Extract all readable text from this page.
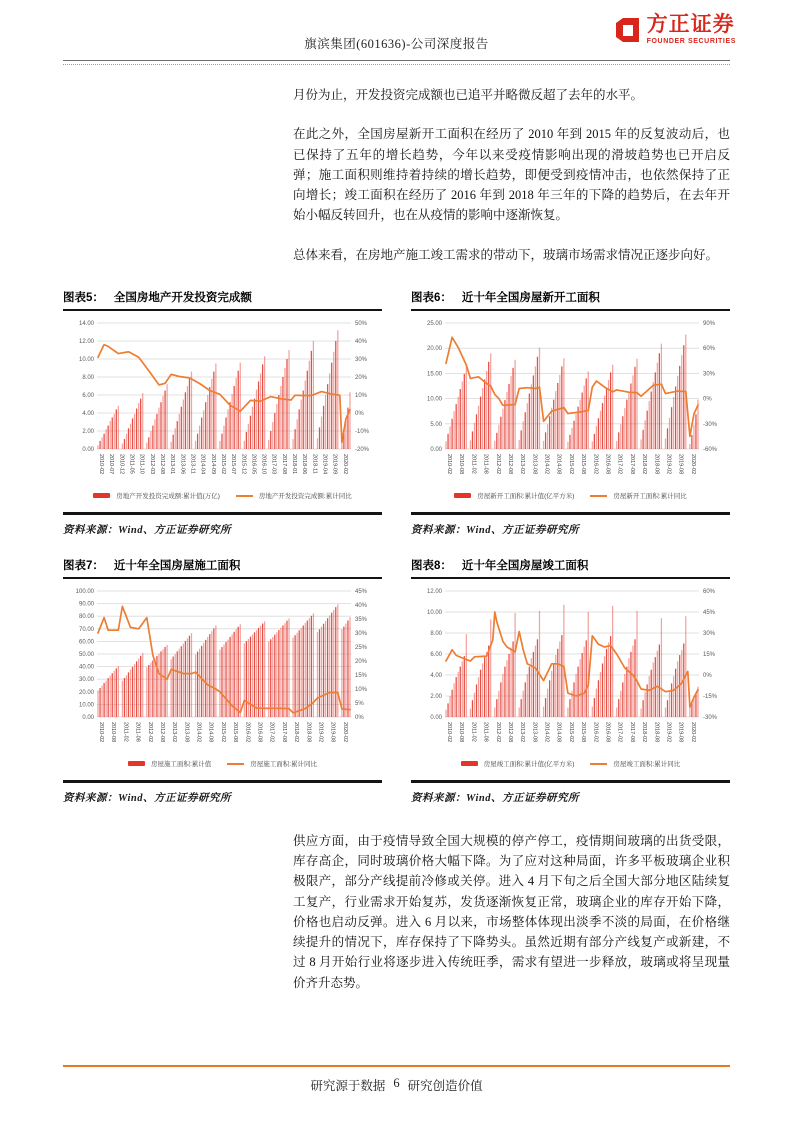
旗滨集团(601636)-公司深度报告
方正证券
FOUNDER SECURITIES

月份为止，开发投资完成额也已追平并略微反超了去年的水平。

在此之外，全国房屋新开工面积在经历了 2010 年到 2015 年的反复波动后，也已保持了五年的增长趋势，今年以来受疫情影响出现的滑坡趋势也已开启反弹；施工面积则维持着持续的增长趋势，即便受到疫情冲击，也依然保持了正向增长；竣工面积在经历了 2016 年到 2018 年三年的下降的趋势后，在去年开始小幅反转回升，也在从疫情的影响中逐渐恢复。

总体来看，在房地产施工竣工需求的带动下，玻璃市场需求情况正逐步向好。

图表5： 全国房地产开发投资完成额
0.00
2.00
4.00
6.00
8.00
10.00
12.00
14.00
-20%
-10%
0%
10%
20%
30%
40%
50%
2010-02 2010-07 2010-12 2011-05 2011-10 2012-03 2012-08 2013-01 2013-06 2013-11 2014-04 2014-09 2015-02 2015-07 2015-12 2016-05 2016-10 2017-03 2017-08 2018-01 2018-06 2018-11 2019-04 2019-09 2020-02
房地产开发投资完成额:累计值(万亿)	房地产开发投资完成额:累计同比
资料来源：Wind、方正证券研究所
图表6： 近十年全国房屋新开工面积
0.00
5.00
10.00
15.00
20.00
25.00
-60%
-30%
0%
30%
60%
90%
2010-02 2010-08 2011-02 2011-08 2012-02 2012-08 2013-02 2013-08 2014-02 2014-08 2015-02 2015-08 2016-02 2016-08 2017-02 2017-08 2018-02 2018-08 2019-02 2019-08 2020-02
房屋新开工面积:累计值(亿平方米)	房屋新开工面积:累计同比
资料来源：Wind、方正证券研究所
图表7： 近十年全国房屋施工面积
0.00
10.00
20.00
30.00
40.00
50.00
60.00
70.00
80.00
90.00
100.00
0%
5%
10%
15%
20%
25%
30%
35%
40%
45%
2010-02 2010-08 2011-02 2011-08 2012-02 2012-08 2013-02 2013-08 2014-02 2014-08 2015-02 2015-08 2016-02 2016-08 2017-02 2017-08 2018-02 2018-08 2019-02 2019-08 2020-02
房屋施工面积:累计值	房屋施工面积:累计同比
资料来源：Wind、方正证券研究所
图表8： 近十年全国房屋竣工面积
0.00
2.00
4.00
6.00
8.00
10.00
12.00
-30%
-15%
0%
15%
30%
45%
60%
2010-02 2010-08 2011-02 2011-08 2012-02 2012-08 2013-02 2013-08 2014-02 2014-08 2015-02 2015-08 2016-02 2016-08 2017-02 2017-08 2018-02 2018-08 2019-02 2019-08 2020-02
房屋竣工面积:累计值(亿平方米)	房屋竣工面积:累计同比
资料来源：Wind、方正证券研究所

供应方面，由于疫情导致全国大规模的停产停工，疫情期间玻璃的出货受限，库存高企，同时玻璃价格大幅下降。为了应对这种局面，许多平板玻璃企业积极限产，部分产线提前冷修或关停。进入 4 月下旬之后全国大部分地区陆续复工复产，行业需求开始复苏，发货逐渐恢复正常，玻璃企业的库存开始下降，价格也启动反弹。进入 6 月以来，市场整体体现出淡季不淡的局面，在价格继续提升的情况下，库存保持了下降势头。虽然近期有部分产线复产或新建，不过 8 月开始行业将逐步进入传统旺季，需求有望进一步释放，玻璃或将呈现量价齐升态势。

研究源于数据 6 研究创造价值
